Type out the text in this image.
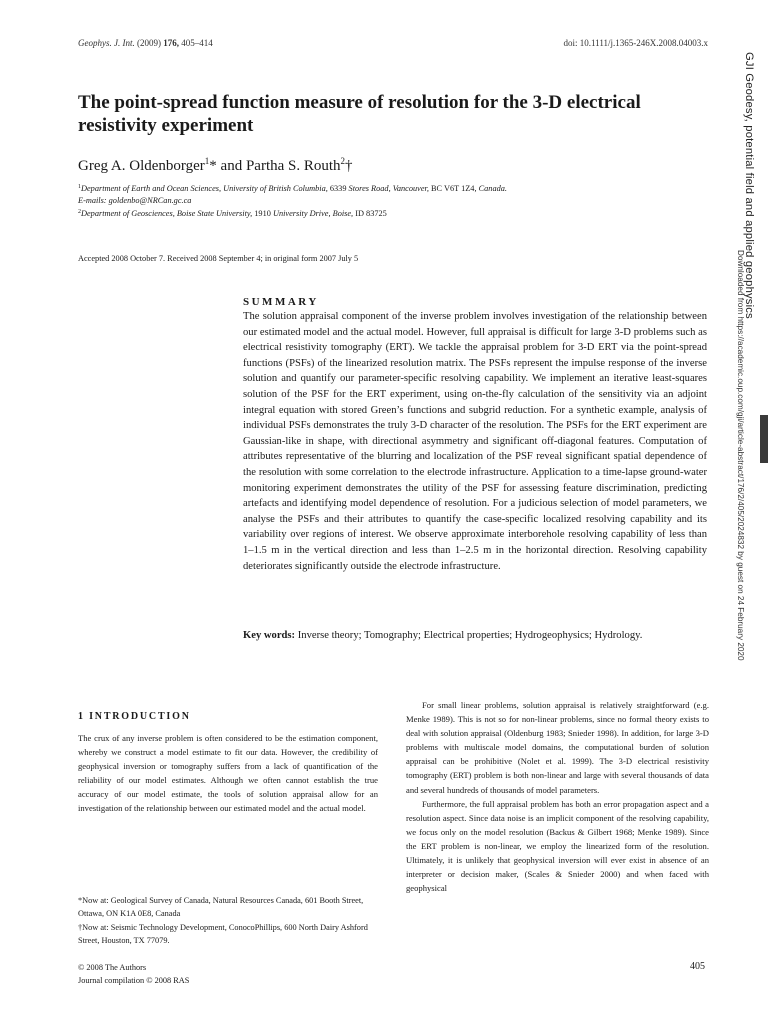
Geophys. J. Int. (2009) 176, 405–414	doi: 10.1111/j.1365-246X.2008.04003.x
The point-spread function measure of resolution for the 3-D electrical resistivity experiment
Greg A. Oldenborger$^1$* and Partha S. Routh$^2$†
$^1$Department of Earth and Ocean Sciences, University of British Columbia, 6339 Stores Road, Vancouver, BC V6T 1Z4, Canada.
E-mails: goldenbo@NRCan.gc.ca
$^2$Department of Geosciences, Boise State University, 1910 University Drive, Boise, ID 83725
Accepted 2008 October 7. Received 2008 September 4; in original form 2007 July 5
SUMMARY

The solution appraisal component of the inverse problem involves investigation of the relationship between our estimated model and the actual model. However, full appraisal is difficult for large 3-D problems such as electrical resistivity tomography (ERT). We tackle the appraisal problem for 3-D ERT via the point-spread functions (PSFs) of the linearized resolution matrix. The PSFs represent the impulse response of the inverse solution and quantify our parameter-specific resolving capability. We implement an iterative least-squares solution of the PSF for the ERT experiment, using on-the-fly calculation of the sensitivity via an adjoint integral equation with stored Green’s functions and subgrid reduction. For a synthetic example, analysis of individual PSFs demonstrates the truly 3-D character of the resolution. The PSFs for the ERT experiment are Gaussian-like in shape, with directional asymmetry and significant off-diagonal features. Computation of attributes representative of the blurring and localization of the PSF reveal significant spatial dependence of the resolution with some correlation to the electrode infrastructure. Application to a time-lapse ground-water monitoring experiment demonstrates the utility of the PSF for assessing feature discrimination, predicting artefacts and identifying model dependence of resolution. For a judicious selection of model parameters, we analyse the PSFs and their attributes to quantify the case-specific localized resolving capability and its variability over regions of interest. We observe approximate interborehole resolving capability of less than 1–1.5 m in the vertical direction and less than 1–2.5 m in the horizontal direction. Resolving capability deteriorates significantly outside the electrode infrastructure.

Key words: Inverse theory; Tomography; Electrical properties; Hydrogeophysics; Hydrology.

1 INTRODUCTION

The crux of any inverse problem is often considered to be the estimation component, whereby we construct a model estimate to fit our data. However, the credibility of geophysical inversion or tomography suffers from a lack of quantification of the reliability of our model estimates. Although we often cannot establish the true accuracy of our model estimate, the tools of solution appraisal allow for an investigation of the relationship between our estimated model and the actual model.

For small linear problems, solution appraisal is relatively straightforward (e.g. Menke 1989). This is not so for non-linear problems, since no formal theory exists to deal with solution appraisal (Oldenburg 1983; Snieder 1998). In addition, for large 3-D problems with multiscale model domains, the computational burden of solution appraisal can be prohibitive (Nolet et al. 1999). The 3-D electrical resistivity tomography (ERT) problem is both non-linear and large with several thousands of data and several hundreds of thousands of model parameters.

Furthermore, the full appraisal problem has both an error propagation aspect and a resolution aspect. Since data noise is an implicit component of the resolving capability, we focus only on the model resolution (Backus & Gilbert 1968; Menke 1989). Since the ERT problem is non-linear, we employ the linearized form of the resolution. Ultimately, it is unlikely that geophysical inversion will ever exist in absence of an interpreter or decision maker, (Scales & Snieder 2000) and when faced with geophysical

*Now at: Geological Survey of Canada, Natural Resources Canada, 601 Booth Street, Ottawa, ON K1A 0E8, Canada

†Now at: Seismic Technology Development, ConocoPhillips, 600 North Dairy Ashford Street, Houston, TX 77079.

© 2008 The Authors
Journal compilation © 2008 RAS
405
GJI Geodesy, potential field and applied geophysics
Downloaded from https://academic.oup.com/gji/article-abstract/176/2/405/2024832 by guest on 24 February 2020
